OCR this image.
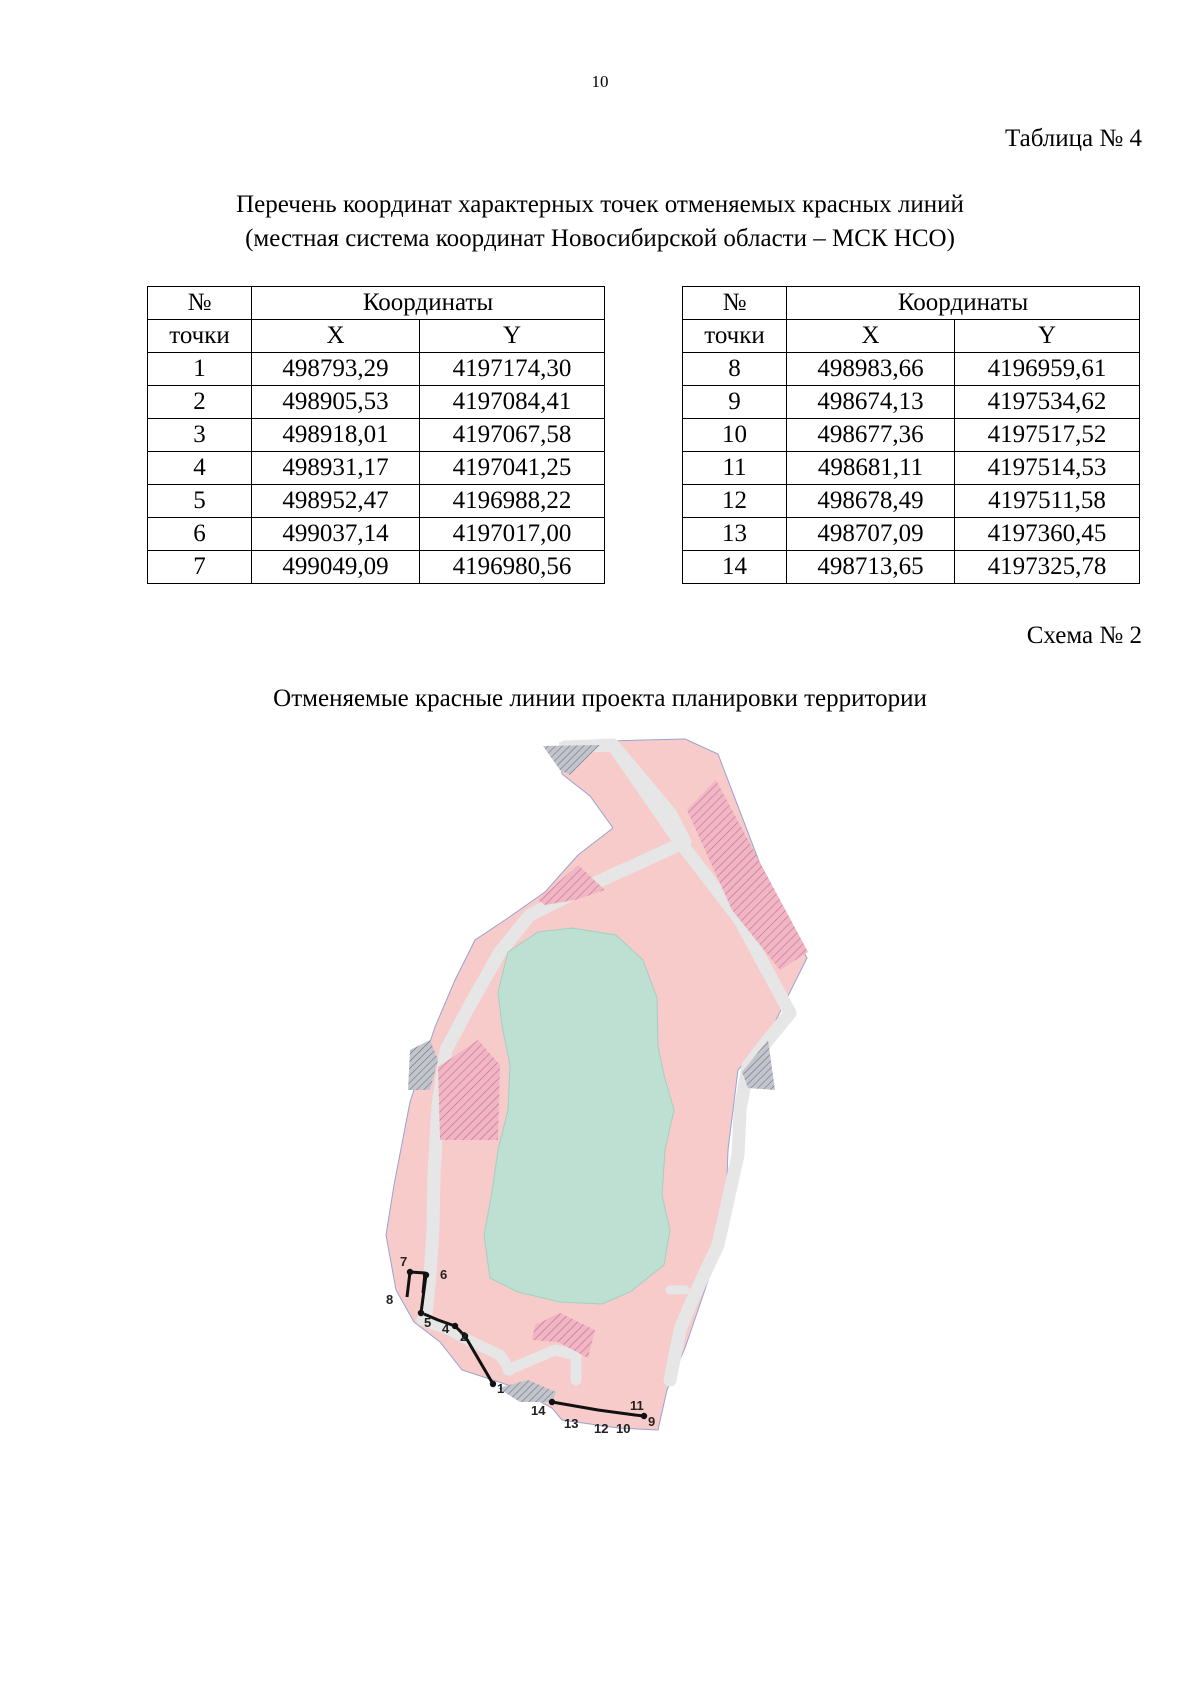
10
Таблица № 4
Перечень координат характерных точек отменяемых красных линий
(местная система координат Новосибирской области – МСК НСО)
№	Координаты	
точки	X	Y
1	498793,29	4197174,30
2	498905,53	4197084,41
3	498918,01	4197067,58
4	498931,17	4197041,25
5	498952,47	4196988,22
6	499037,14	4197017,00
7	499049,09	4196980,56
№	Координаты	
точки	X	Y
8	498983,66	4196959,61
9	498674,13	4197534,62
10	498677,36	4197517,52
11	498681,11	4197514,53
12	498678,49	4197511,58
13	498707,09	4197360,45
14	498713,65	4197325,78
Схема № 2
Отменяемые красные линии проекта планировки территории
1
2
4
5
6
7
8
9
10
11
12
13
14
